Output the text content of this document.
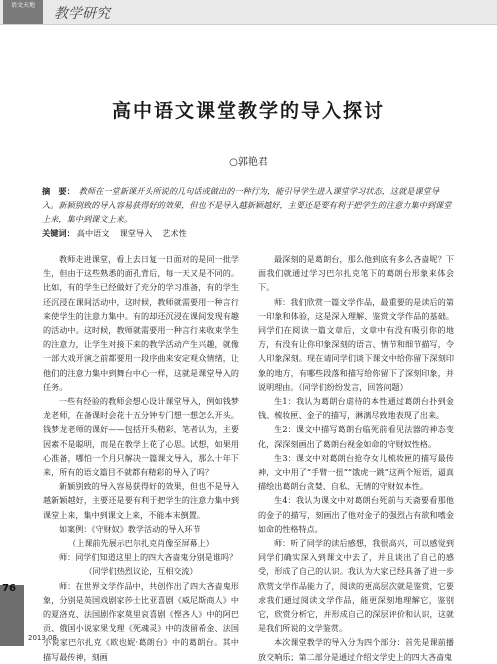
语文天地
教学研究
高中语文课堂教学的导入探讨
○郭艳君
摘　要： 教师在一堂新课开头所说的几句话或做出的一种行为，能引导学生进入课堂学习状态，这就是课堂导入。新颖别致的导入容易获得好的效果，但也不是导入越新颖越好，主要还是要有利于把学生的注意力集中到课堂上来，集中到课文上来。
关键词： 高中语文 课堂导入 艺术性

教师走进课堂，看上去日复一日面对的是同一批学生，但由于这些熟悉的面孔背后，每一天又是不同的。比如，有的学生已经做好了充分的学习准备，有的学生还沉浸在课间活动中，这时候，教师就需要用一种言行来使学生的注意力集中。有的却还沉浸在课间发现有趣的活动中。这时候，教师就需要用一种言行来收束学生的注意力，让学生对接下来的教学活动产生兴趣，就像一部大戏开演之前都要用一段序曲来安定观众情绪，让他们的注意力集中到舞台中心一样，这就是课堂导入的任务。

一些有经验的教师会想心设计课堂导入，例如钱梦龙老师，在备课时会花十五分钟专门想一想怎么开头。钱梦龙老师的课好——包括开头精彩，笔者认为，主要因素不是聪明，而是在教学上花了心思。试想，如果用心准备，哪怕一个月只解决一篇课文导入，那么十年下来，所有的语文篇目不就都有精彩的导入了吗？

新颖别致的导入容易获得好的效果，但也不是导入越新颖越好，主要还是要有利于把学生的注意力集中到课堂上来，集中到课文上来，不能本末倒置。

如案例：《守财奴》教学活动的导入环节

（上课前先展示巴尔扎克肖像至屏幕上）

师：同学们知道这里上的四大吝啬鬼分别是谁吗？

（同学们热烈议论，互相交流）

师：在世界文学作品中，共创作出了四大吝啬鬼形象，分别是英国戏剧家莎士比亚喜剧《威尼斯商人》中的夏洛克、法国剧作家莫里哀喜剧《悭吝人》中的阿巴贡、俄国小说家果戈理《死魂灵》中的泼留希金、法国小说家巴尔扎克《欧也妮·葛朗台》中的葛朗台。其中描写最传神，刻画

最深刻的是葛朗台，那么他到底有多么吝啬呢？下面我们就通过学习巴尔扎克笔下的葛朗台形象来体会下。

师：我们欣赏一篇文学作品，最重要的是读后的第一印象和体验，这是深入理解、鉴赏文学作品的基础。同学们在阅读一篇文章后，文章中有没有吸引你的地方，有没有让你印象深刻的语言、情节和细节描写，令人印象深刻。现在请同学们谈下课文中给你留下深刻印象的地方，有哪些段落和描写给你留下了深刻印象，并说明理由。（同学们纷纷发言，回答问题）

生1：我认为葛朗台虐待的本性通过葛朗台扑到金钱、梳妆匣、金子的描写，淋漓尽致地表现了出来。

生2：课文中描写葛朗台临死前看见法器的神态变化，深深刻画出了葛朗台视金如命的守财奴性格。

生3：课文中对葛朗台抢夺女儿梳妆匣的描写最传神，文中用了“手臂一扭”“饿虎一跳”这两个短语，逼真描绘出葛朗台贪婪、自私、无情的守财奴本性。

生4：我认为课文中对葛朗台死前与天斋要看那他的金子的描写，刻画出了他对金子的强烈占有欲和嗜金如命的性格特点。

师：听了同学的读后感想，我很高兴，可以感觉到同学们确实深入到课文中去了，并且谈出了自己的感受，形成了自己的认识。我认为大家已经具备了进一步欣赏文学作品能力了，阅读的更高层次就是鉴赏，它要求我们通过阅读文学作品，能更深刻地理解它，鉴别它，欣赏分析它，并形成自己的深层评价和认识，这就是我们所说的文学鉴赏。

本次课堂教学的导入分为四个部分：首先是课前播放交响乐；第二部分是通过介绍文学史上的四大吝啬鬼

76
2013.08
